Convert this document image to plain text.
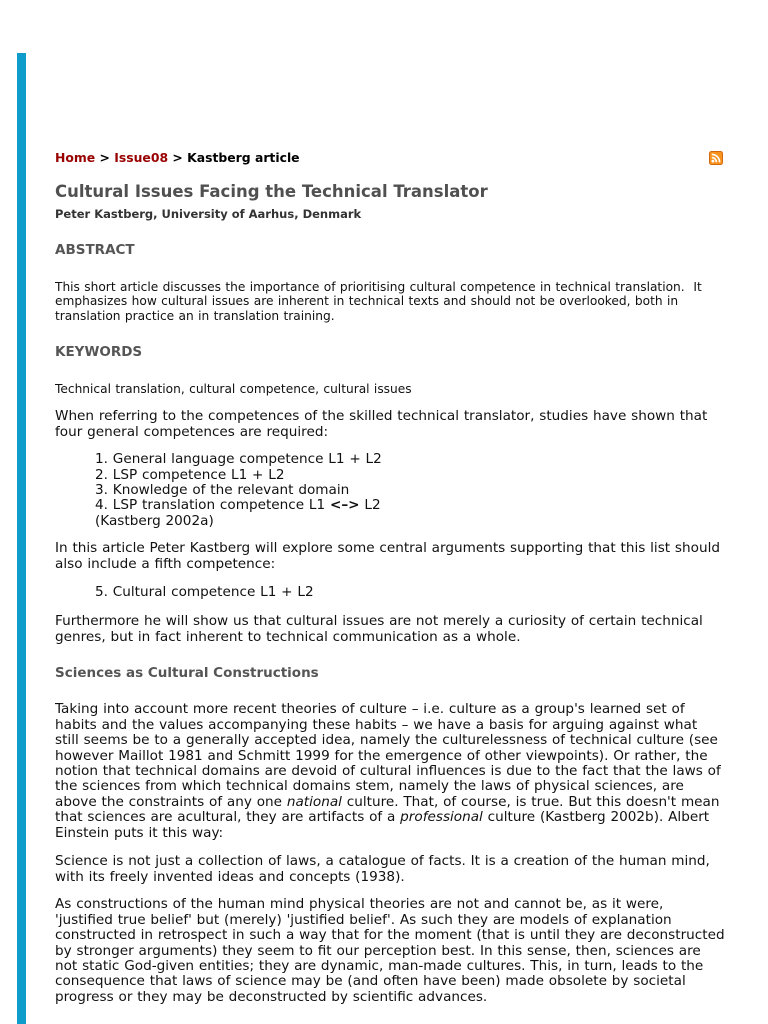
Home > Issue08 > Kastberg article
Cultural Issues Facing the Technical Translator
Peter Kastberg, University of Aarhus, Denmark
ABSTRACT
This short article discusses the importance of prioritising cultural competence in technical translation.  It emphasizes how cultural issues are inherent in technical texts and should not be overlooked, both in translation practice an in translation training.
KEYWORDS
Technical translation, cultural competence, cultural issues
When referring to the competences of the skilled technical translator, studies have shown that four general competences are required:
1. General language competence L1 + L2
2. LSP competence L1 + L2
3. Knowledge of the relevant domain
4. LSP translation competence L1 <–> L2
(Kastberg 2002a)
In this article Peter Kastberg will explore some central arguments supporting that this list should also include a fifth competence:
5. Cultural competence L1 + L2
Furthermore he will show us that cultural issues are not merely a curiosity of certain technical genres, but in fact inherent to technical communication as a whole.
Sciences as Cultural Constructions
Taking into account more recent theories of culture – i.e. culture as a group's learned set of habits and the values accompanying these habits – we have a basis for arguing against what still seems be to a generally accepted idea, namely the culturelessness of technical culture (see however Maillot 1981 and Schmitt 1999 for the emergence of other viewpoints). Or rather, the notion that technical domains are devoid of cultural influences is due to the fact that the laws of the sciences from which technical domains stem, namely the laws of physical sciences, are above the constraints of any one national culture. That, of course, is true. But this doesn't mean that sciences are acultural, they are artifacts of a professional culture (Kastberg 2002b). Albert Einstein puts it this way:
Science is not just a collection of laws, a catalogue of facts. It is a creation of the human mind, with its freely invented ideas and concepts (1938).
As constructions of the human mind physical theories are not and cannot be, as it were, 'justified true belief' but (merely) 'justified belief'. As such they are models of explanation constructed in retrospect in such a way that for the moment (that is until they are deconstructed by stronger arguments) they seem to fit our perception best. In this sense, then, sciences are not static God-given entities; they are dynamic, man-made cultures. This, in turn, leads to the consequence that laws of science may be (and often have been) made obsolete by societal progress or they may be deconstructed by scientific advances.
